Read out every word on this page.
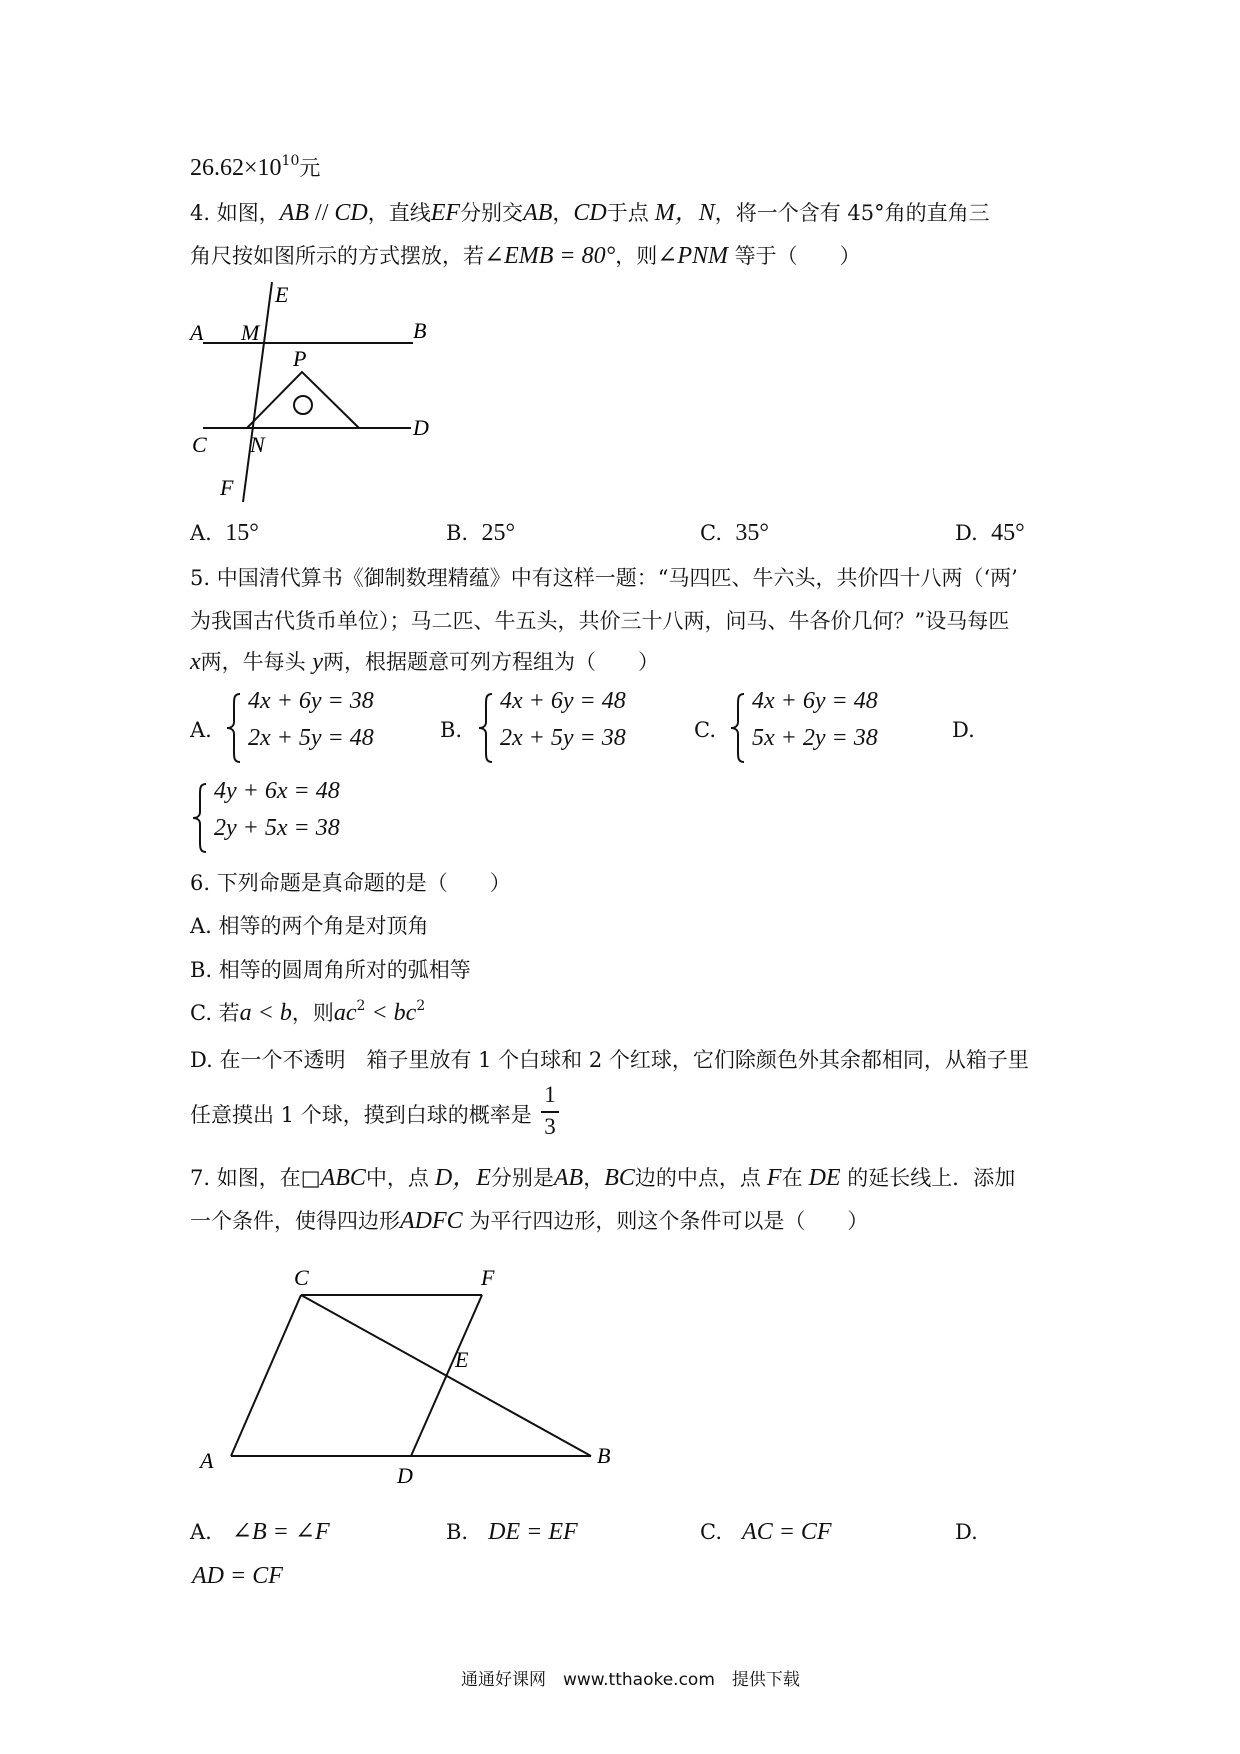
$26.62\times 10^{10}$元
4. 如图，AB // CD，直线EF分别交AB，CD于点 M，N，将一个含有 45°角的直角三
角尺按如图所示的方式摆放，若∠EMB = 80°，则∠PNM 等于（　　）
E
A M	B
P
C N
D
F
A. 15°	B. 25°	C. 35°	D. 45°
5. 中国清代算书《御制数理精蕴》中有这样一题：“马四匹、牛六头，共价四十八两（‘两’
为我国古代货币单位）；马二匹、牛五头，共价三十八两，问马、牛各价几何？”设马每匹
x两，牛每头 y两，根据题意可列方程组为（　　）
A.
4x + 6y = 38
2x + 5y = 48	B.
4x + 6y = 48
2x + 5y = 38	C.
4x + 6y = 48
5x + 2y = 38	D.
4y + 6x = 48
2y + 5x = 38
6. 下列命题是真命题的是（　　）
A. 相等的两个角是对顶角
B. 相等的圆周角所对的弧相等
C. 若a < b，则$ac^2 < bc^2$
D. 在一个不透明　箱子里放有 1 个白球和 2 个红球，它们除颜色外其余都相同，从箱子里
任意摸出 1 个球，摸到白球的概率是
1
3
7. 如图，在□ABC中，点 D，E分别是AB，BC边的中点，点 F在 DE 的延长线上．添加
一个条件，使得四边形ADFC 为平行四边形，则这个条件可以是（　　）
C	F
E
A
D
B
A. ∠B = ∠F	B. DE = EF	C. AC = CF	D.
AD = CF
通通好课网　www.tthaoke.com　提供下载
